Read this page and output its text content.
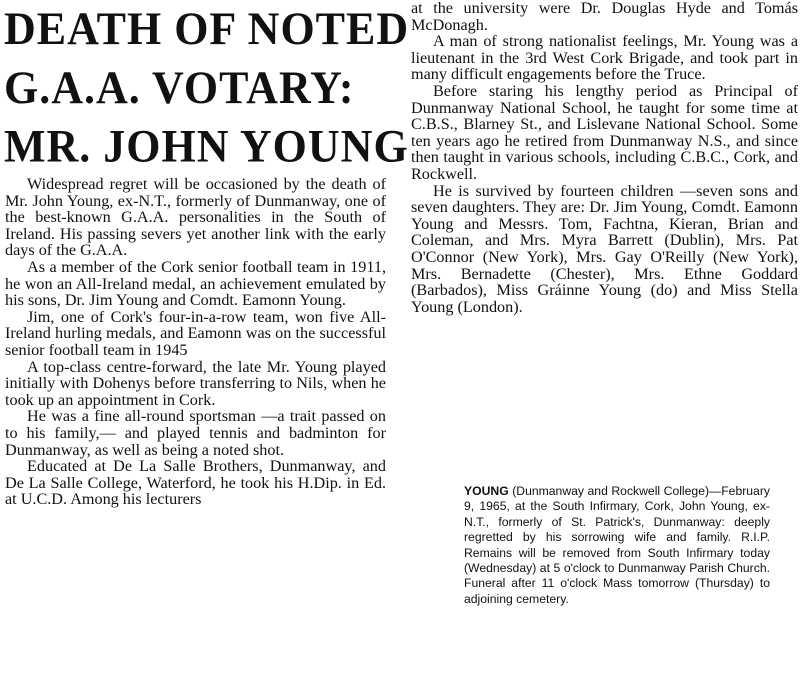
DEATH OF NOTED
G.A.A. VOTARY:
MR. JOHN YOUNG

Widespread regret will be occasioned by the death of Mr. John Young, ex-N.T., formerly of Dunmanway, one of the best-known G.A.A. personalities in the South of Ireland. His passing severs yet another link with the early days of the G.A.A.

As a member of the Cork senior football team in 1911, he won an All-Ireland medal, an achievement emulated by his sons, Dr. Jim Young and Comdt. Eamonn Young.

Jim, one of Cork's four-in-a-row team, won five All-Ireland hurling medals, and Eamonn was on the successful senior football team in 1945

A top-class centre-forward, the late Mr. Young played initially with Dohenys before transferring to Nils, when he took up an appointment in Cork.

He was a fine all-round sportsman —a trait passed on to his family,— and played tennis and badminton for Dunmanway, as well as being a noted shot.

Educated at De La Salle Brothers, Dunmanway, and De La Salle College, Waterford, he took his H.Dip. in Ed. at U.C.D. Among his lecturers

at the university were Dr. Douglas Hyde and Tomás McDonagh.

A man of strong nationalist feelings, Mr. Young was a lieutenant in the 3rd West Cork Brigade, and took part in many difficult engagements before the Truce.

Before staring his lengthy period as Principal of Dunmanway National School, he taught for some time at C.B.S., Blarney St., and Lislevane National School. Some ten years ago he retired from Dunmanway N.S., and since then taught in various schools, including C.B.C., Cork, and Rockwell.

He is survived by fourteen children —seven sons and seven daughters. They are: Dr. Jim Young, Comdt. Eamonn Young and Messrs. Tom, Fachtna, Kieran, Brian and Coleman, and Mrs. Myra Barrett (Dublin), Mrs. Pat O'Connor (New York), Mrs. Gay O'Reilly (New York), Mrs. Bernadette (Chester), Mrs. Ethne Goddard (Barbados), Miss Gráinne Young (do) and Miss Stella Young (London).

YOUNG (Dunmanway and Rockwell College)—February 9, 1965, at the South Infirmary, Cork, John Young, ex-N.T., formerly of St. Patrick's, Dunmanway: deeply regretted by his sorrowing wife and family. R.I.P. Remains will be removed from South Infirmary today (Wednesday) at 5 o'clock to Dunmanway Parish Church. Funeral after 11 o'clock Mass tomorrow (Thursday) to adjoining cemetery.
